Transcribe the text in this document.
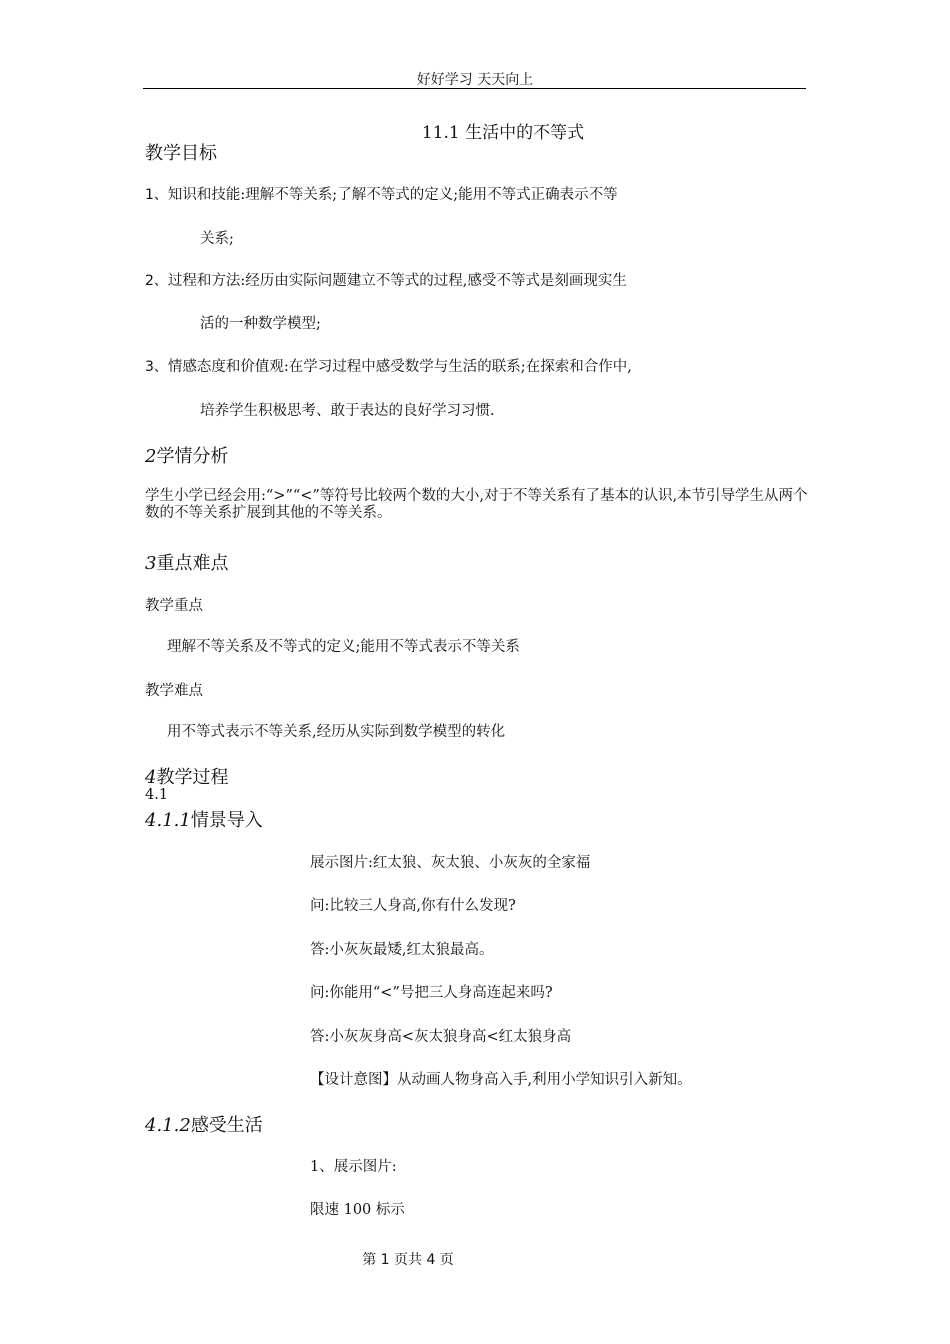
好好学习 天天向上
11.1 生活中的不等式
教学目标
1、知识和技能:理解不等关系;了解不等式的定义;能用不等式正确表示不等
关系;
2、过程和方法:经历由实际问题建立不等式的过程,感受不等式是刻画现实生
活的一种数学模型;
3、情感态度和价值观:在学习过程中感受数学与生活的联系;在探索和合作中,
培养学生积极思考、敢于表达的良好学习习惯.
2学情分析
学生小学已经会用:“>”“<”等符号比较两个数的大小,对于不等关系有了基本的认识,本节引导学生从两个数的不等关系扩展到其他的不等关系。
3重点难点
教学重点
理解不等关系及不等式的定义;能用不等式表示不等关系
教学难点
用不等式表示不等关系,经历从实际到数学模型的转化
4教学过程
4.1
4.1.1情景导入
展示图片:红太狼、灰太狼、小灰灰的全家福
问:比较三人身高,你有什么发现?
答:小灰灰最矮,红太狼最高。
问:你能用“<”号把三人身高连起来吗?
答:小灰灰身高<灰太狼身高<红太狼身高
【设计意图】从动画人物身高入手,利用小学知识引入新知。
4.1.2感受生活
1、展示图片:
限速 100 标示
第 1 页共 4 页
